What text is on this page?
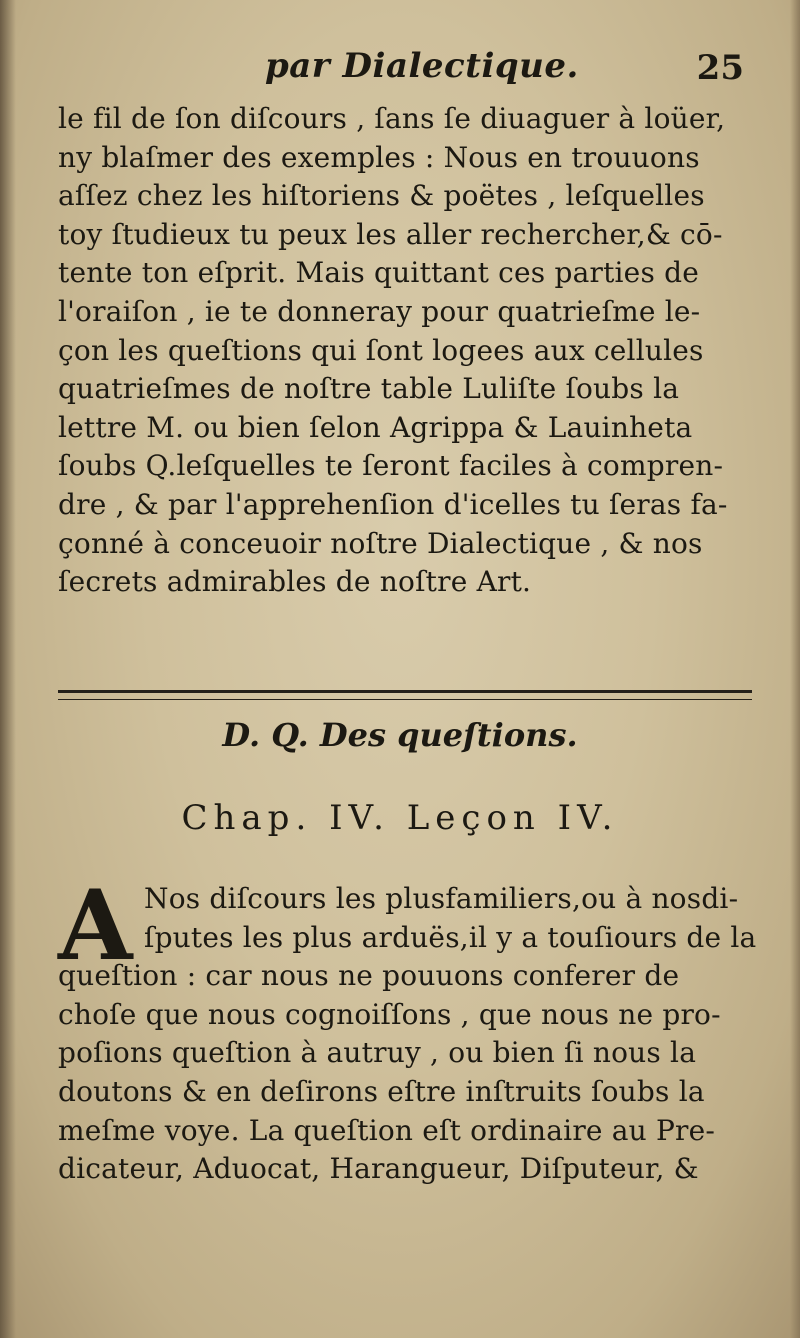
par Dialectique.	25
le fil de ſon diſcours , ſans ſe diuaguer à loüer,
ny blaſmer des exemples : Nous en trouuons
aſſez chez les hiſtoriens & poëtes , leſquelles
toy ſtudieux tu peux les aller rechercher,& cō-
tente ton eſprit. Mais quittant ces parties de
l'oraiſon , ie te donneray pour quatrieſme le-
çon les queſtions qui ſont logees aux cellules
quatrieſmes de noſtre table Luliſte ſoubs la
lettre M. ou bien ſelon Agrippa & Lauinheta
ſoubs Q.leſquelles te ſeront faciles à compren-
dre , & par l'apprehenſion d'icelles tu ſeras fa-
çonné à conceuoir noſtre Dialectique , & nos
ſecrets admirables de noſtre Art.
D. Q. Des queſtions.
Chap. IV. Leçon IV.
A Nos diſcours les plusfamiliers,ou à nosdi-
ſputes les plus arduës,il y a touſiours de la
queſtion : car nous ne pouuons conferer de
choſe que nous cognoiſſons , que nous ne pro-
poſions queſtion à autruy , ou bien ſi nous la
doutons & en deſirons eſtre inſtruits ſoubs la
meſme voye. La queſtion eſt ordinaire au Pre-
dicateur, Aduocat, Harangueur, Diſputeur, &
